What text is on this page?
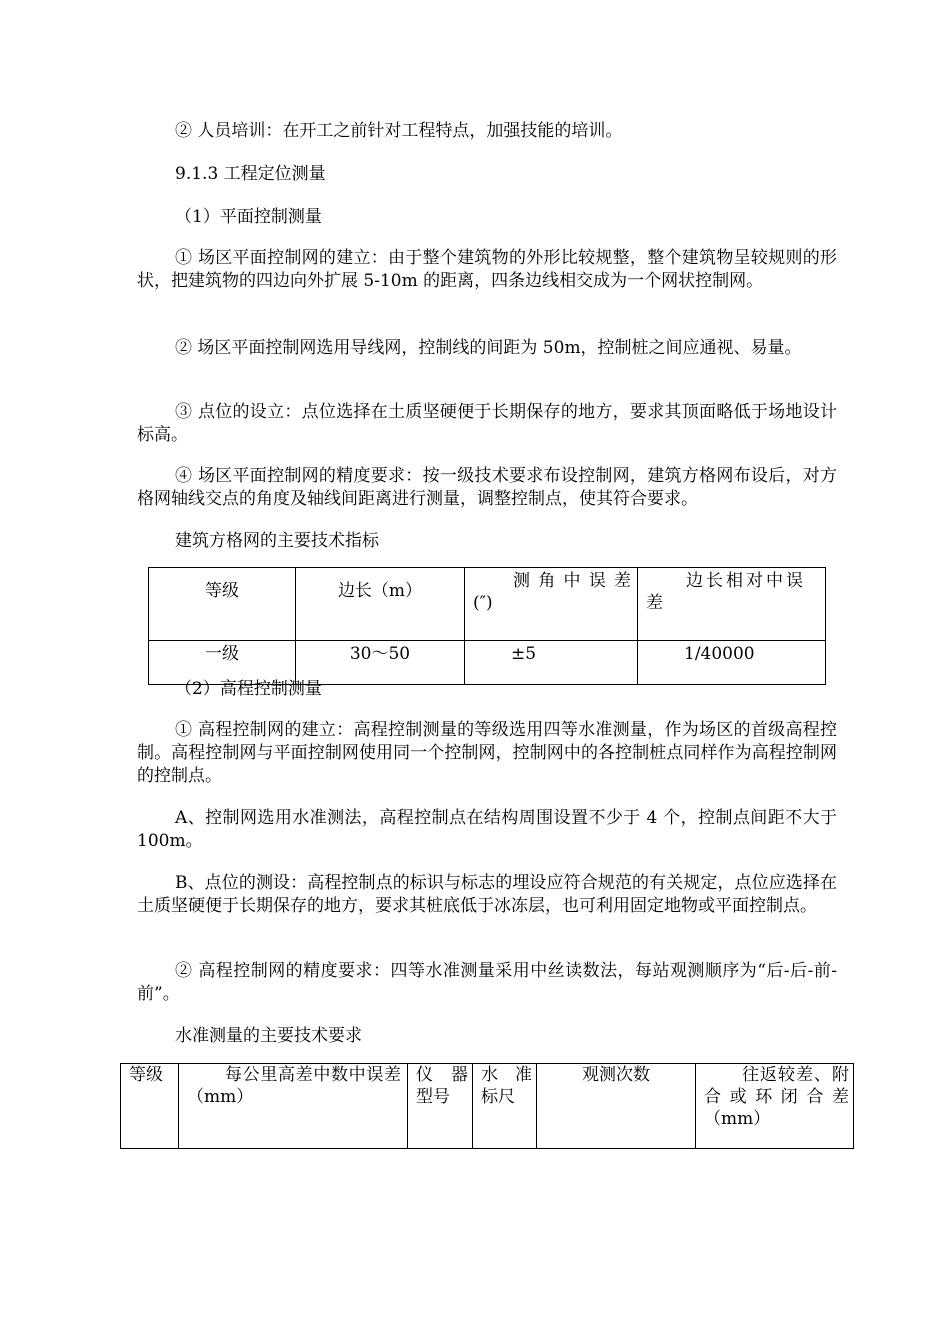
② 人员培训：在开工之前针对工程特点，加强技能的培训。

9.1.3 工程定位测量

（1）平面控制测量

① 场区平面控制网的建立：由于整个建筑物的外形比较规整，整个建筑物呈较规则的形状，把建筑物的四边向外扩展 5-10m 的距离，四条边线相交成为一个网状控制网。

② 场区平面控制网选用导线网，控制线的间距为 50m，控制桩之间应通视、易量。

③ 点位的设立：点位选择在土质坚硬便于长期保存的地方，要求其顶面略低于场地设计标高。

④ 场区平面控制网的精度要求：按一级技术要求布设控制网，建筑方格网布设后，对方格网轴线交点的角度及轴线间距离进行测量，调整控制点，使其符合要求。

建筑方格网的主要技术指标

等级	边长（m）	测 角 中 误 差 (″)	边长相对中误差
一级	30～50	±5	1/40000

（2）高程控制测量

① 高程控制网的建立：高程控制测量的等级选用四等水准测量，作为场区的首级高程控制。高程控制网与平面控制网使用同一个控制网，控制网中的各控制桩点同样作为高程控制网的控制点。

A、控制网选用水准测法，高程控制点在结构周围设置不少于 4 个，控制点间距不大于 100m。

B、点位的测设：高程控制点的标识与标志的埋设应符合规范的有关规定，点位应选择在土质坚硬便于长期保存的地方，要求其桩底低于冰冻层，也可利用固定地物或平面控制点。

② 高程控制网的精度要求：四等水准测量采用中丝读数法，每站观测顺序为“后-后-前-前”。

水准测量的主要技术要求

等级	每公里高差中数中误差（mm）	仪 器 型号	水 准 标尺	观测次数	往返较差、附合或环闭合差（mm）
